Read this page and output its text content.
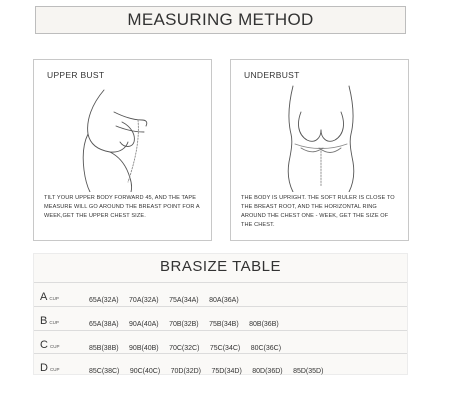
MEASURING METHOD
UPPER BUST
TILT YOUR UPPER BODY FORWARD 45, AND THE TAPE MEASURE WILL GO AROUND THE BREAST POINT FOR A WEEK,GET THE UPPER CHEST SIZE.
UNDERBUST
THE BODY IS UPRIGHT. THE SOFT RULER IS CLOSE TO THE BREAST ROOT, AND THE HORIZONTAL RING AROUND THE CHEST ONE - WEEK, GET THE SIZE OF THE CHEST.
BRASIZE TABLE
ACUP	65A(32A) 70A(32A) 75A(34A) 80A(36A)
BCUP	65A(38A) 90A(40A) 70B(32B) 75B(34B) 80B(36B)
CCUP	85B(38B) 90B(40B) 70C(32C) 75C(34C) 80C(36C)
DCUP	85C(38C) 90C(40C) 70D(32D) 75D(34D) 80D(36D) 85D(35D)
